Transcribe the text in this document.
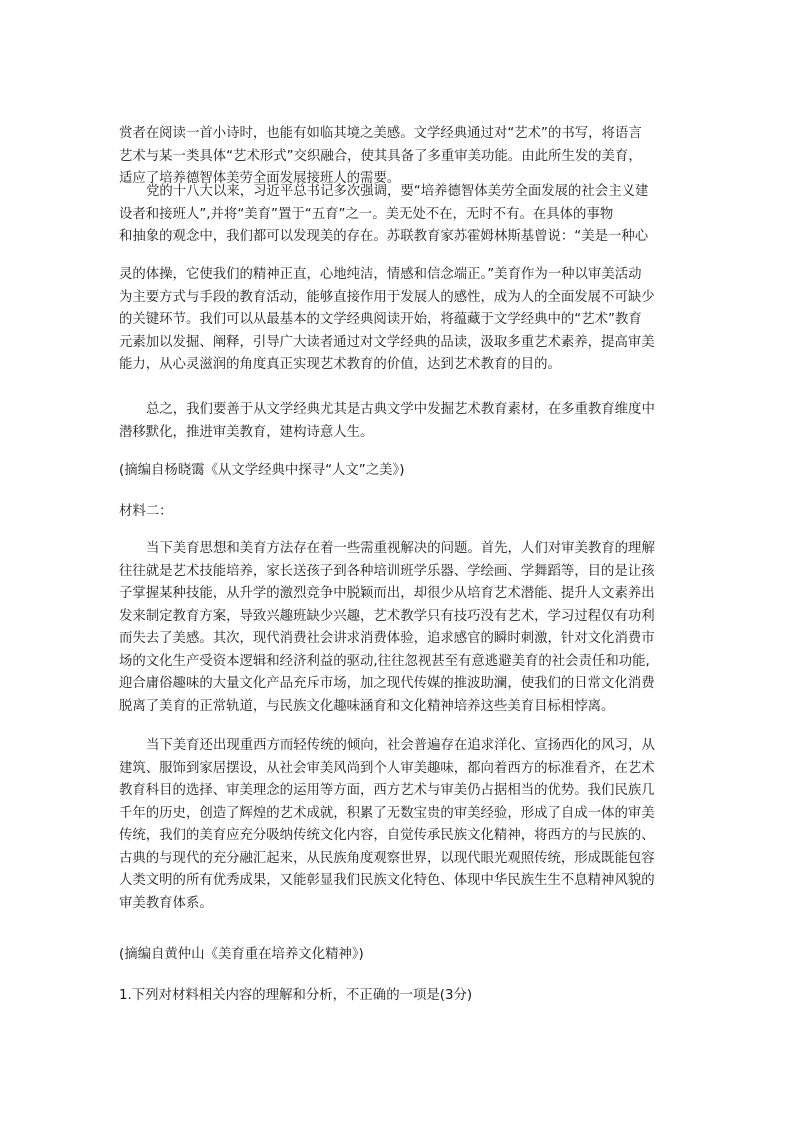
赏者在阅读一首小诗时，也能有如临其境之美感。文学经典通过对“艺术”的书写，将语言

艺术与某一类具体“艺术形式”交织融合，使其具备了多重审美功能。由此所生发的美育，

适应了培养德智体美劳全面发展接班人的需要。

党的十八大以来，习近平总书记多次强调，要“培养德智体美劳全面发展的社会主义建

设者和接班人”,并将“美育”置于“五育”之一。美无处不在，无时不有。在具体的事物

和抽象的观念中，我们都可以发现美的存在。苏联教育家苏霍姆林斯基曾说：“美是一种心

灵的体操，它使我们的精神正直，心地纯洁，情感和信念端正。”美育作为一种以审美活动

为主要方式与手段的教育活动，能够直接作用于发展人的感性，成为人的全面发展不可缺少

的关键环节。我们可以从最基本的文学经典阅读开始，将蕴藏于文学经典中的“艺术”教育

元素加以发掘、阐释，引导广大读者通过对文学经典的品读，汲取多重艺术素养，提高审美

能力，从心灵滋润的角度真正实现艺术教育的价值，达到艺术教育的目的。

总之，我们要善于从文学经典尤其是古典文学中发掘艺术教育素材，在多重教育维度中

潜移默化，推进审美教育，建构诗意人生。

(摘编自杨晓霭《从文学经典中探寻“人文”之美》)

材料二：

当下美育思想和美育方法存在着一些需重视解决的问题。首先，人们对审美教育的理解

往往就是艺术技能培养，家长送孩子到各种培训班学乐器、学绘画、学舞蹈等，目的是让孩

子掌握某种技能，从升学的激烈竞争中脱颖而出，却很少从培育艺术潜能、提升人文素养出

发来制定教育方案，导致兴趣班缺少兴趣，艺术教学只有技巧没有艺术，学习过程仅有功利

而失去了美感。其次，现代消费社会讲求消费体验，追求感官的瞬时刺激，针对文化消费市

场的文化生产受资本逻辑和经济利益的驱动,往往忽视甚至有意逃避美育的社会责任和功能,

迎合庸俗趣味的大量文化产品充斥市场，加之现代传媒的推波助澜，使我们的日常文化消费

脱离了美育的正常轨道，与民族文化趣味涵育和文化精神培养这些美育目标相悖离。

当下美育还出现重西方而轻传统的倾向，社会普遍存在追求洋化、宣扬西化的风习，从

建筑、服饰到家居摆设，从社会审美风尚到个人审美趣味，都向着西方的标准看齐，在艺术

教育科目的选择、审美理念的运用等方面，西方艺术与审美仍占据相当的优势。我们民族几

千年的历史，创造了辉煌的艺术成就，积累了无数宝贵的审美经验，形成了自成一体的审美

传统，我们的美育应充分吸纳传统文化内容，自觉传承民族文化精神，将西方的与民族的、

古典的与现代的充分融汇起来，从民族角度观察世界，以现代眼光观照传统，形成既能包容

人类文明的所有优秀成果，又能彰显我们民族文化特色、体现中华民族生生不息精神风貌的

审美教育体系。

(摘编自黄仲山《美育重在培养文化精神》)

1.下列对材料相关内容的理解和分析，不正确的一项是(3分)
